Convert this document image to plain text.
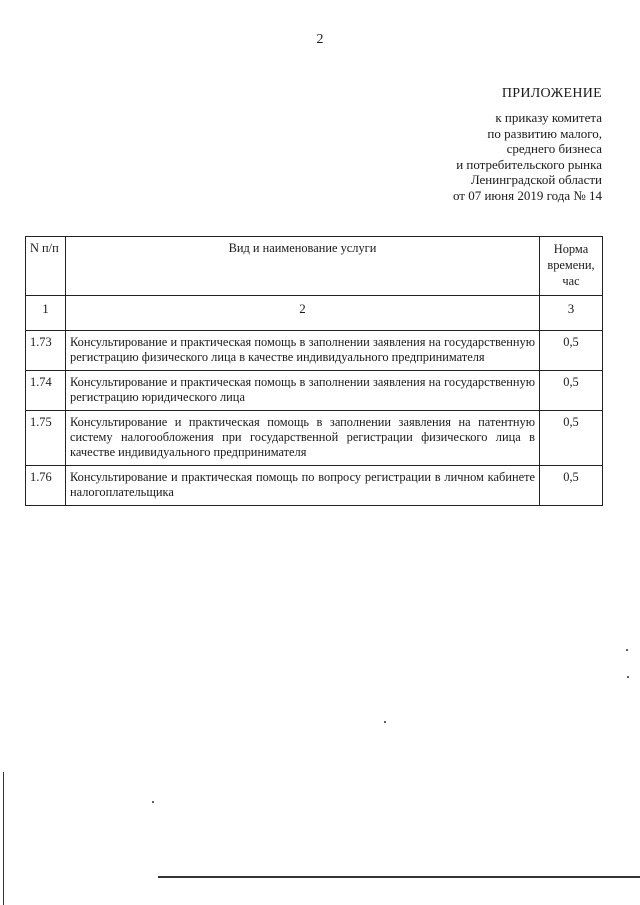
2
ПРИЛОЖЕНИЕ
к приказу комитета
по развитию малого,
среднего бизнеса
и потребительского рынка
Ленинградской области
от 07 июня 2019 года № 14
N п/п	Вид и наименование услуги	Норма времени, час
1	2	3
1.73	Консультирование и практическая помощь в заполнении заявления на государственную регистрацию физического лица в качестве индивидуального предпринимателя	0,5
1.74	Консультирование и практическая помощь в заполнении заявления на государственную регистрацию юридического лица	0,5
1.75	Консультирование и практическая помощь в заполнении заявления на патентную систему налогообложения при государственной регистрации физического лица в качестве индивидуального предпринимателя	0,5
1.76	Консультирование и практическая помощь по вопросу регистрации в личном кабинете налогоплательщика	0,5
